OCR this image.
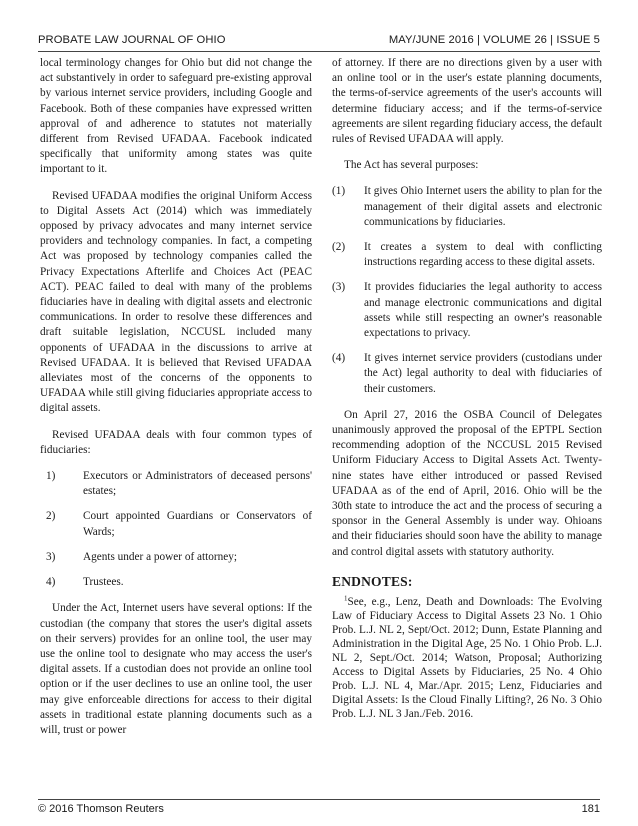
PROBATE LAW JOURNAL OF OHIO	MAY/JUNE 2016 | VOLUME 26 | ISSUE 5

local terminology changes for Ohio but did not change the act substantively in order to safeguard pre-existing approval by various internet service providers, including Google and Facebook. Both of these companies have expressed written approval of and adherence to statutes not materially different from Revised UFADAA. Facebook indicated specifically that uniformity among states was quite important to it.

Revised UFADAA modifies the original Uniform Access to Digital Assets Act (2014) which was immediately opposed by privacy advocates and many internet service providers and technology companies. In fact, a competing Act was proposed by technology companies called the Privacy Expectations Afterlife and Choices Act (PEAC ACT). PEAC failed to deal with many of the problems fiduciaries have in dealing with digital assets and electronic communications. In order to resolve these differences and draft suitable legislation, NCCUSL included many opponents of UFADAA in the discussions to arrive at Revised UFADAA. It is believed that Revised UFADAA alleviates most of the concerns of the opponents to UFADAA while still giving fiduciaries appropriate access to digital assets.

Revised UFADAA deals with four common types of fiduciaries:

1) Executors or Administrators of deceased persons' estates;
2) Court appointed Guardians or Conservators of Wards;
3) Agents under a power of attorney;
4) Trustees.

Under the Act, Internet users have several options: If the custodian (the company that stores the user's digital assets on their servers) provides for an online tool, the user may use the online tool to designate who may access the user's digital assets. If a custodian does not provide an online tool option or if the user declines to use an online tool, the user may give enforceable directions for access to their digital assets in traditional estate planning documents such as a will, trust or power

of attorney. If there are no directions given by a user with an online tool or in the user's estate planning documents, the terms-of-service agreements of the user's accounts will determine fiduciary access; and if the terms-of-service agreements are silent regarding fiduciary access, the default rules of Revised UFADAA will apply.

The Act has several purposes:

(1) It gives Ohio Internet users the ability to plan for the management of their digital assets and electronic communications by fiduciaries.
(2) It creates a system to deal with conflicting instructions regarding access to these digital assets.
(3) It provides fiduciaries the legal authority to access and manage electronic communications and digital assets while still respecting an owner's reasonable expectations to privacy.
(4) It gives internet service providers (custodians under the Act) legal authority to deal with fiduciaries of their customers.

On April 27, 2016 the OSBA Council of Delegates unanimously approved the proposal of the EPTPL Section recommending adoption of the NCCUSL 2015 Revised Uniform Fiduciary Access to Digital Assets Act. Twenty-nine states have either introduced or passed Revised UFADAA as of the end of April, 2016. Ohio will be the 30th state to introduce the act and the process of securing a sponsor in the General Assembly is under way. Ohioans and their fiduciaries should soon have the ability to manage and control digital assets with statutory authority.

ENDNOTES:

$^1$See, e.g., Lenz, Death and Downloads: The Evolving Law of Fiduciary Access to Digital Assets 23 No. 1 Ohio Prob. L.J. NL 2, Sept/Oct. 2012; Dunn, Estate Planning and Administration in the Digital Age, 25 No. 1 Ohio Prob. L.J. NL 2, Sept./Oct. 2014; Watson, Proposal; Authorizing Access to Digital Assets by Fiduciaries, 25 No. 4 Ohio Prob. L.J. NL 4, Mar./Apr. 2015; Lenz, Fiduciaries and Digital Assets: Is the Cloud Finally Lifting?, 26 No. 3 Ohio Prob. L.J. NL 3 Jan./Feb. 2016.

© 2016 Thomson Reuters	181
